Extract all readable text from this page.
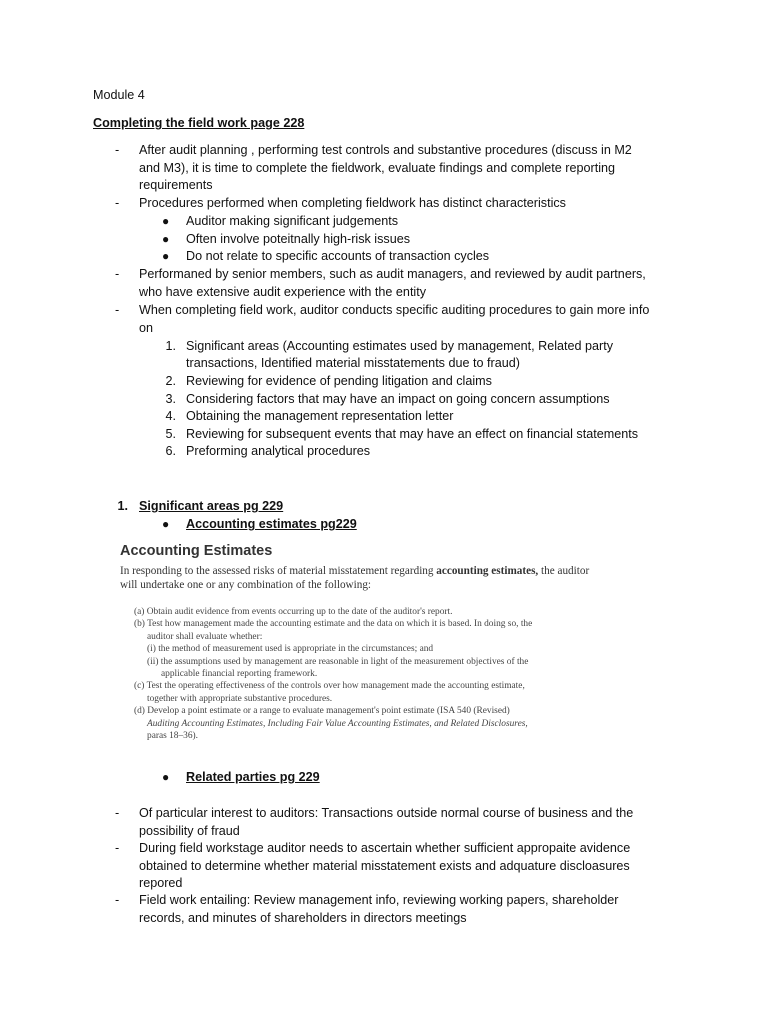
Module 4
Completing the field work page 228
- After audit planning , performing test controls and substantive procedures (discuss in M2
and M3), it is time to complete the fieldwork, evaluate findings and complete reporting
requirements
- Procedures performed when completing fieldwork has distinct characteristics
● Auditor making significant judgements
● Often involve poteitnally high-risk issues
● Do not relate to specific accounts of transaction cycles
- Performaned by senior members, such as audit managers, and reviewed by audit partners,
who have extensive audit experience with the entity
- When completing field work, auditor conducts specific auditing procedures to gain more info
on
1. Significant areas (Accounting estimates used by management, Related party
transactions, Identified material misstatements due to fraud)
2. Reviewing for evidence of pending litigation and claims
3. Considering factors that may have an impact on going concern assumptions
4. Obtaining the management representation letter
5. Reviewing for subsequent events that may have an effect on financial statements
6. Preforming analytical procedures
1. Significant areas pg 229
● Accounting estimates pg229
Accounting Estimates
In responding to the assessed risks of material misstatement regarding accounting estimates, the auditor
will undertake one or any combination of the following:
(a) Obtain audit evidence from events occurring up to the date of the auditor's report.
(b) Test how management made the accounting estimate and the data on which it is based. In doing so, the
auditor shall evaluate whether:
(i) the method of measurement used is appropriate in the circumstances; and
(ii) the assumptions used by management are reasonable in light of the measurement objectives of the
applicable financial reporting framework.
(c) Test the operating effectiveness of the controls over how management made the accounting estimate,
together with appropriate substantive procedures.
(d) Develop a point estimate or a range to evaluate management's point estimate (ISA 540 (Revised)
Auditing Accounting Estimates, Including Fair Value Accounting Estimates, and Related Disclosures,
paras 18–36).
● Related parties pg 229
- Of particular interest to auditors: Transactions outside normal course of business and the
possibility of fraud
- During field workstage auditor needs to ascertain whether sufficient appropaite avidence
obtained to determine whether material misstatement exists and adquature discloasures
repored
- Field work entailing: Review management info, reviewing working papers, shareholder
records, and minutes of shareholders in directors meetings
